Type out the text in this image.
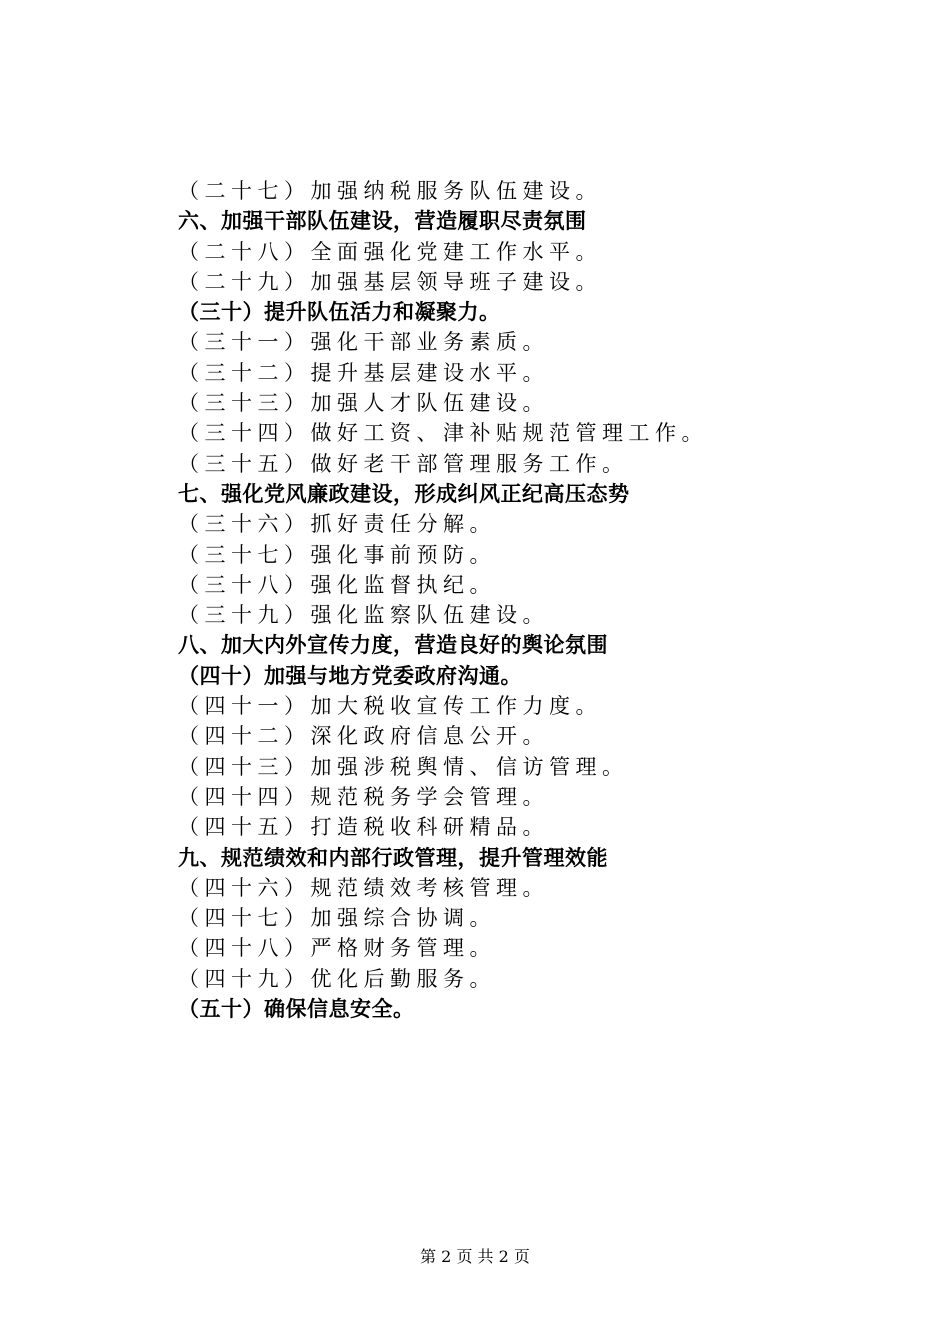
（二十七）加强纳税服务队伍建设。
六、加强干部队伍建设，营造履职尽责氛围
（二十八）全面强化党建工作水平。
（二十九）加强基层领导班子建设。
（三十）提升队伍活力和凝聚力。
（三十一）强化干部业务素质。
（三十二）提升基层建设水平。
（三十三）加强人才队伍建设。
（三十四）做好工资、津补贴规范管理工作。
（三十五）做好老干部管理服务工作。
七、强化党风廉政建设，形成纠风正纪高压态势
（三十六）抓好责任分解。
（三十七）强化事前预防。
（三十八）强化监督执纪。
（三十九）强化监察队伍建设。
八、加大内外宣传力度，营造良好的舆论氛围
（四十）加强与地方党委政府沟通。
（四十一）加大税收宣传工作力度。
（四十二）深化政府信息公开。
（四十三）加强涉税舆情、信访管理。
（四十四）规范税务学会管理。
（四十五）打造税收科研精品。
九、规范绩效和内部行政管理，提升管理效能
（四十六）规范绩效考核管理。
（四十七）加强综合协调。
（四十八）严格财务管理。
（四十九）优化后勤服务。
（五十）确保信息安全。
第 2 页 共 2 页
